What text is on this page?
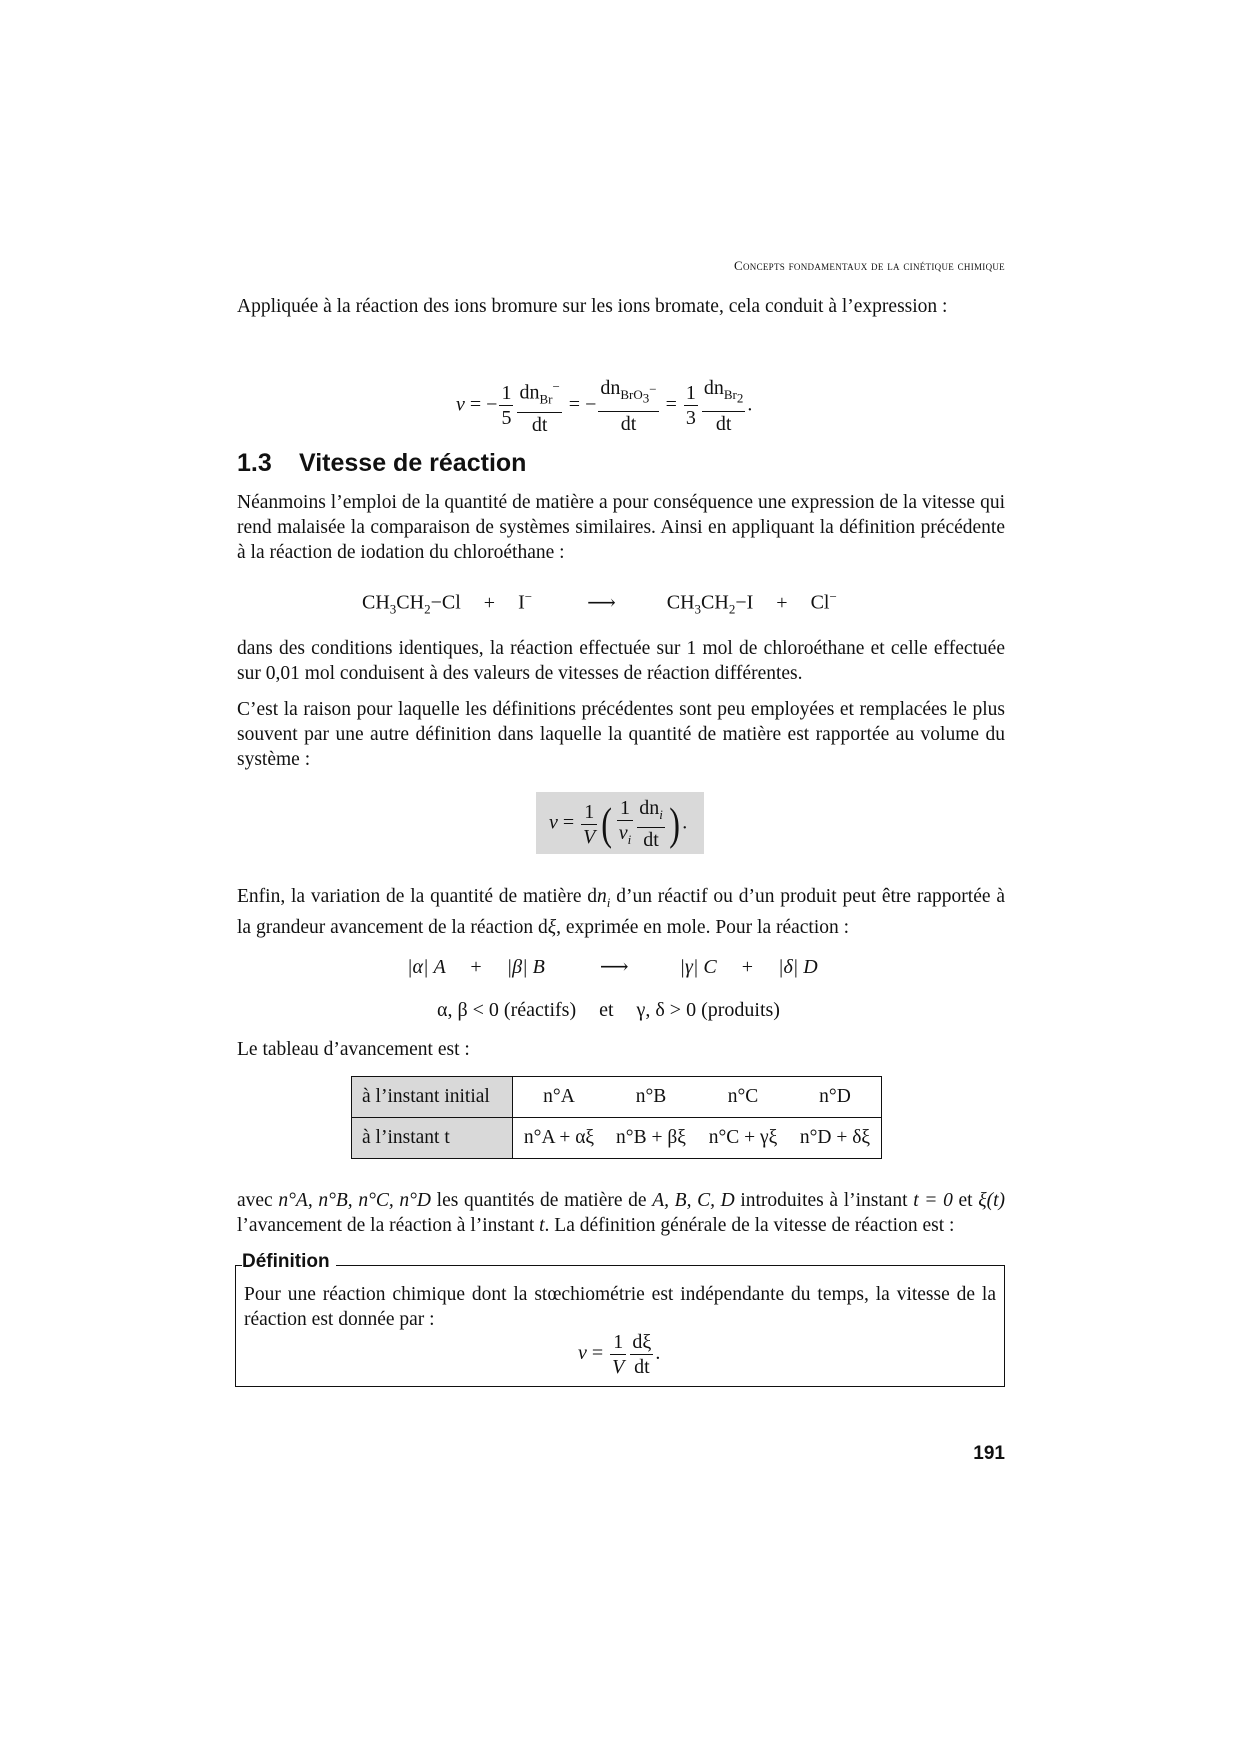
Concepts fondamentaux de la cinétique chimique
Appliquée à la réaction des ions bromure sur les ions bromate, cela conduit à l’expression :
v = − $\frac{1}{5} \frac{dn_{Br}^-}{dt}$ = − $\frac{dn_{BrO_3^-}}{dt} = \frac{1}{3} \frac{dn_{Br_2}}{dt}$ .
1.3 Vitesse de réaction
Néanmoins l’emploi de la quantité de matière a pour conséquence une expression de la vitesse qui rend malaisée la comparaison de systèmes similaires. Ainsi en appliquant la définition précédente à la réaction de iodation du chloroéthane :
$CH_3CH_2-Cl + I^-$	⟶	$CH_3CH_2-I + Cl^-$
dans des conditions identiques, la réaction effectuée sur 1 mol de chloroéthane et celle effectuée sur 0,01 mol conduisent à des valeurs de vitesses de réaction différentes.
C’est la raison pour laquelle les définitions précédentes sont peu employées et remplacées le plus souvent par une autre définition dans laquelle la quantité de matière est rapportée au volume du système :
$v = \frac{1}{V}$ ( $\frac{1}{\nu_i} \frac{dn_i}{dt}$ ) .
Enfin, la variation de la quantité de matière $dn_i$ d’un réactif ou d’un produit peut être rapportée à la grandeur avancement de la réaction dξ, exprimée en mole. Pour la réaction :
|α| A + |β| B	⟶	|γ| C + |δ| D
α, β < 0 (réactifs) et γ, δ > 0 (produits)
Le tableau d’avancement est :
à l’instant initial	n°A	n°B	n°C	n°D
à l’instant t	n°A + αξ	n°B + βξ	n°C + γξ	n°D + δξ
avec n°A, n°B, n°C, n°D les quantités de matière de A, B, C, D introduites à l’instant t = 0 et ξ(t) l’avancement de la réaction à l’instant t. La définition générale de la vitesse de réaction est :
Définition
Pour une réaction chimique dont la stœchiométrie est indépendante du temps, la vitesse de la réaction est donnée par :
$v = \frac{1}{V} \frac{d\xi}{dt}$ .
191
